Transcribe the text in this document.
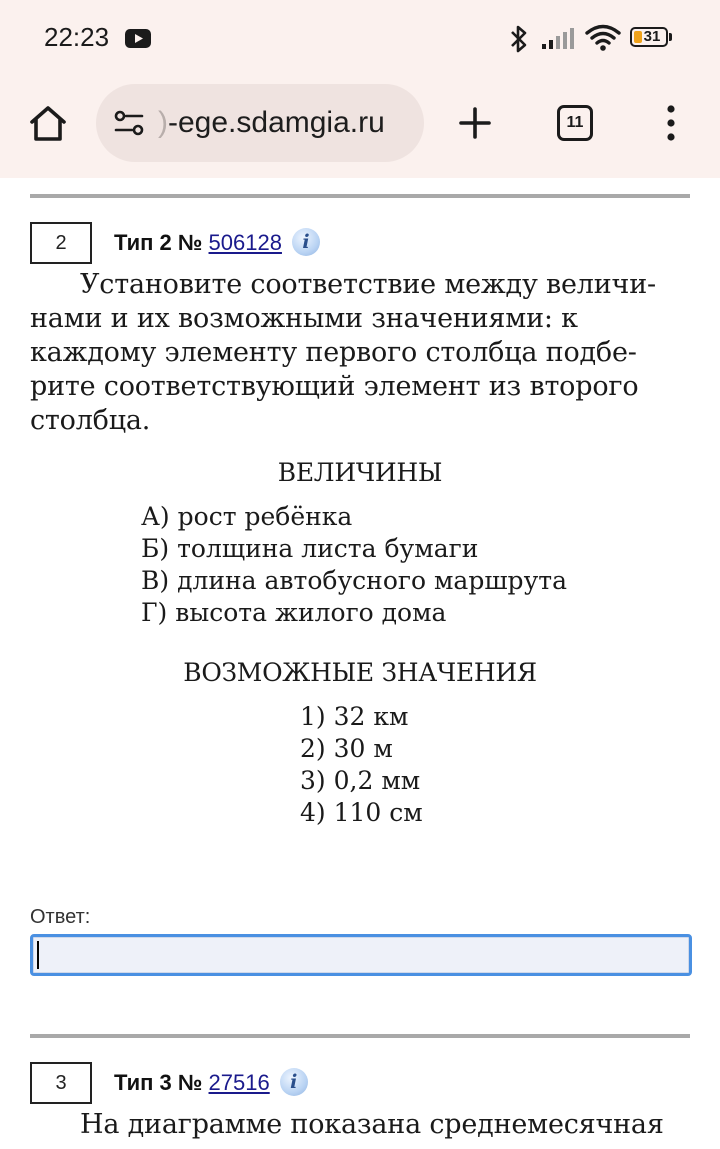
22:23	31
)-ege.sdamgia.ru	11
2	Тип 2 № 506128 i
Установите соответствие между величи-
нами и их возможными значениями: к
каждому элементу первого столбца подбе-
рите соответствующий элемент из второго
столбца.
ВЕЛИЧИНЫ
А) рост ребёнка
Б) толщина листа бумаги
В) длина автобусного маршрута
Г) высота жилого дома
ВОЗМОЖНЫЕ ЗНАЧЕНИЯ
1) 32 км
2) 30 м
3) 0,2 мм
4) 110 см
Ответ:
3	Тип 3 № 27516 i
На диаграмме показана среднемесячная
